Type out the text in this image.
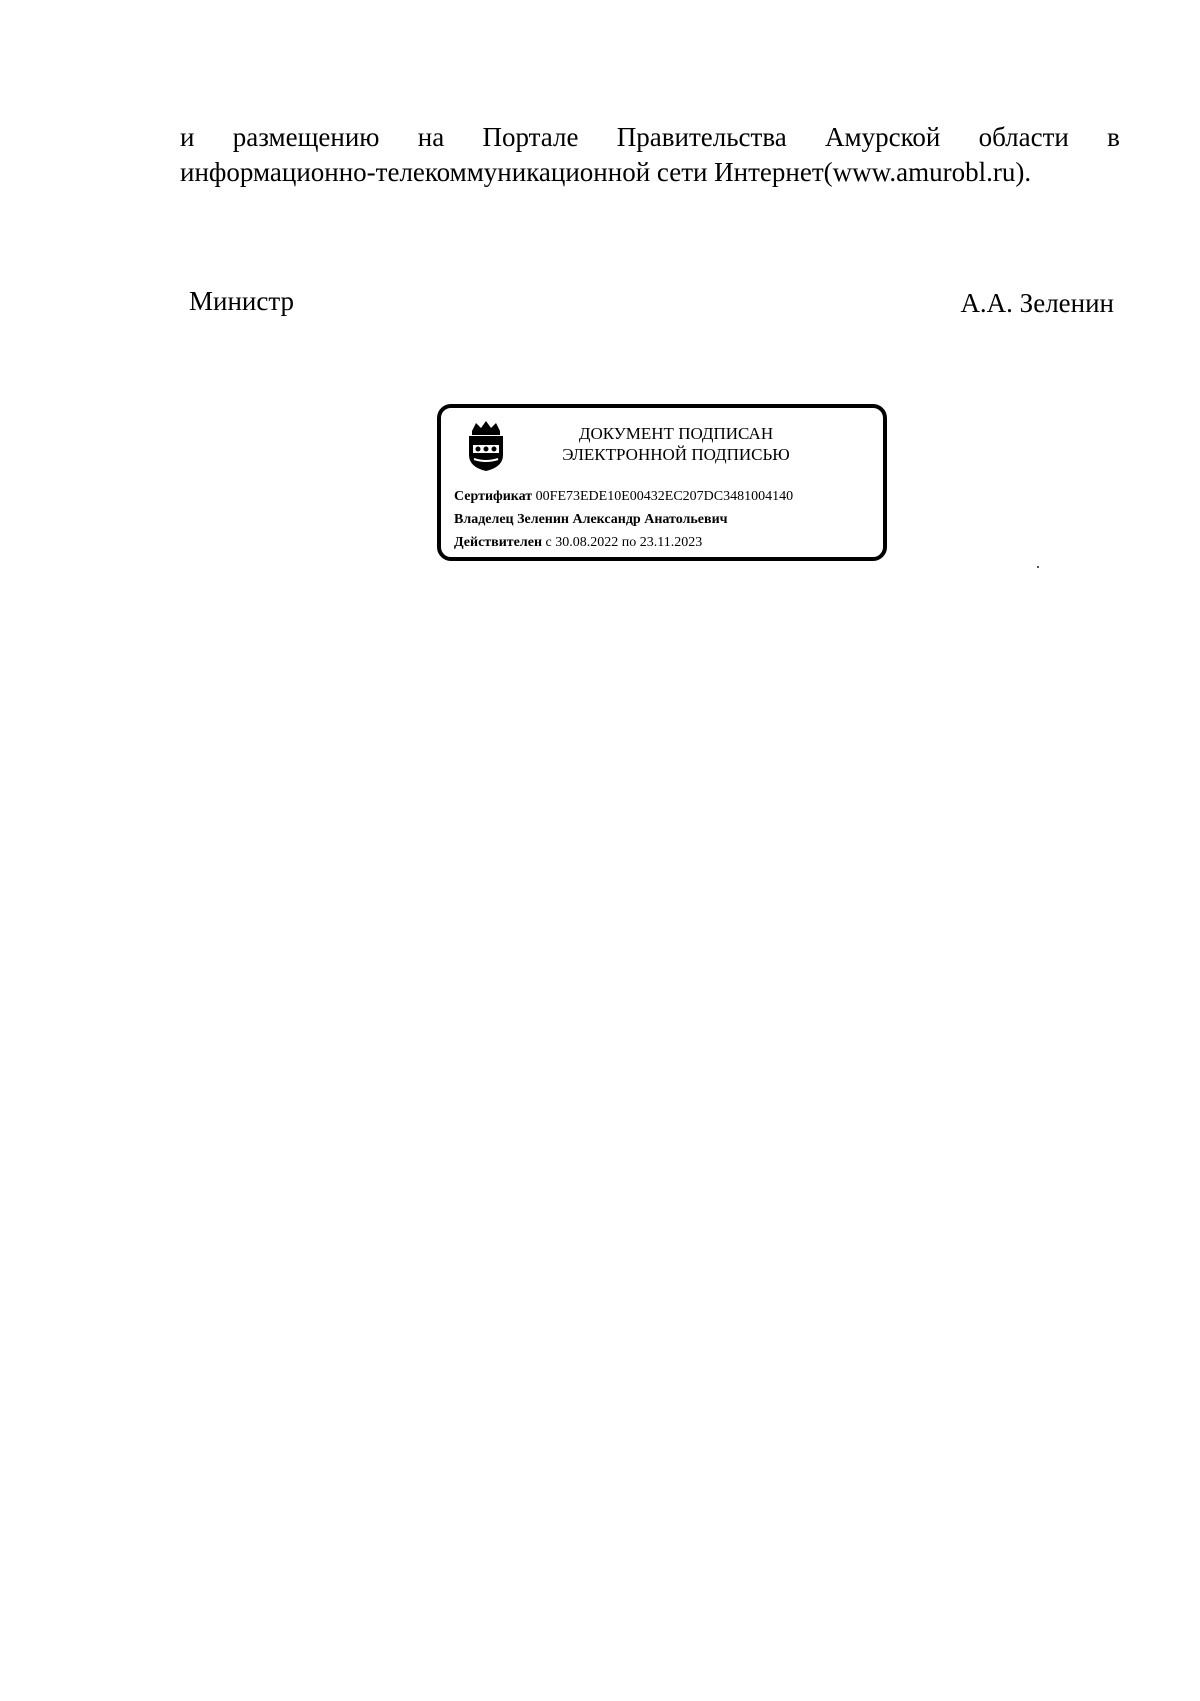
и размещению на Порталe Правительства Амурской области в
информационно-телекоммуникационной сети Интернет(www.amurobl.ru).
Министр	А.А. Зеленин
ДОКУМЕНТ ПОДПИСАН
ЭЛЕКТРОННОЙ ПОДПИСЬЮ
Сертификат 00FE73EDE10E00432EC207DC3481004140
Владелец Зеленин Александр Анатольевич
Действителен с 30.08.2022 по 23.11.2023
